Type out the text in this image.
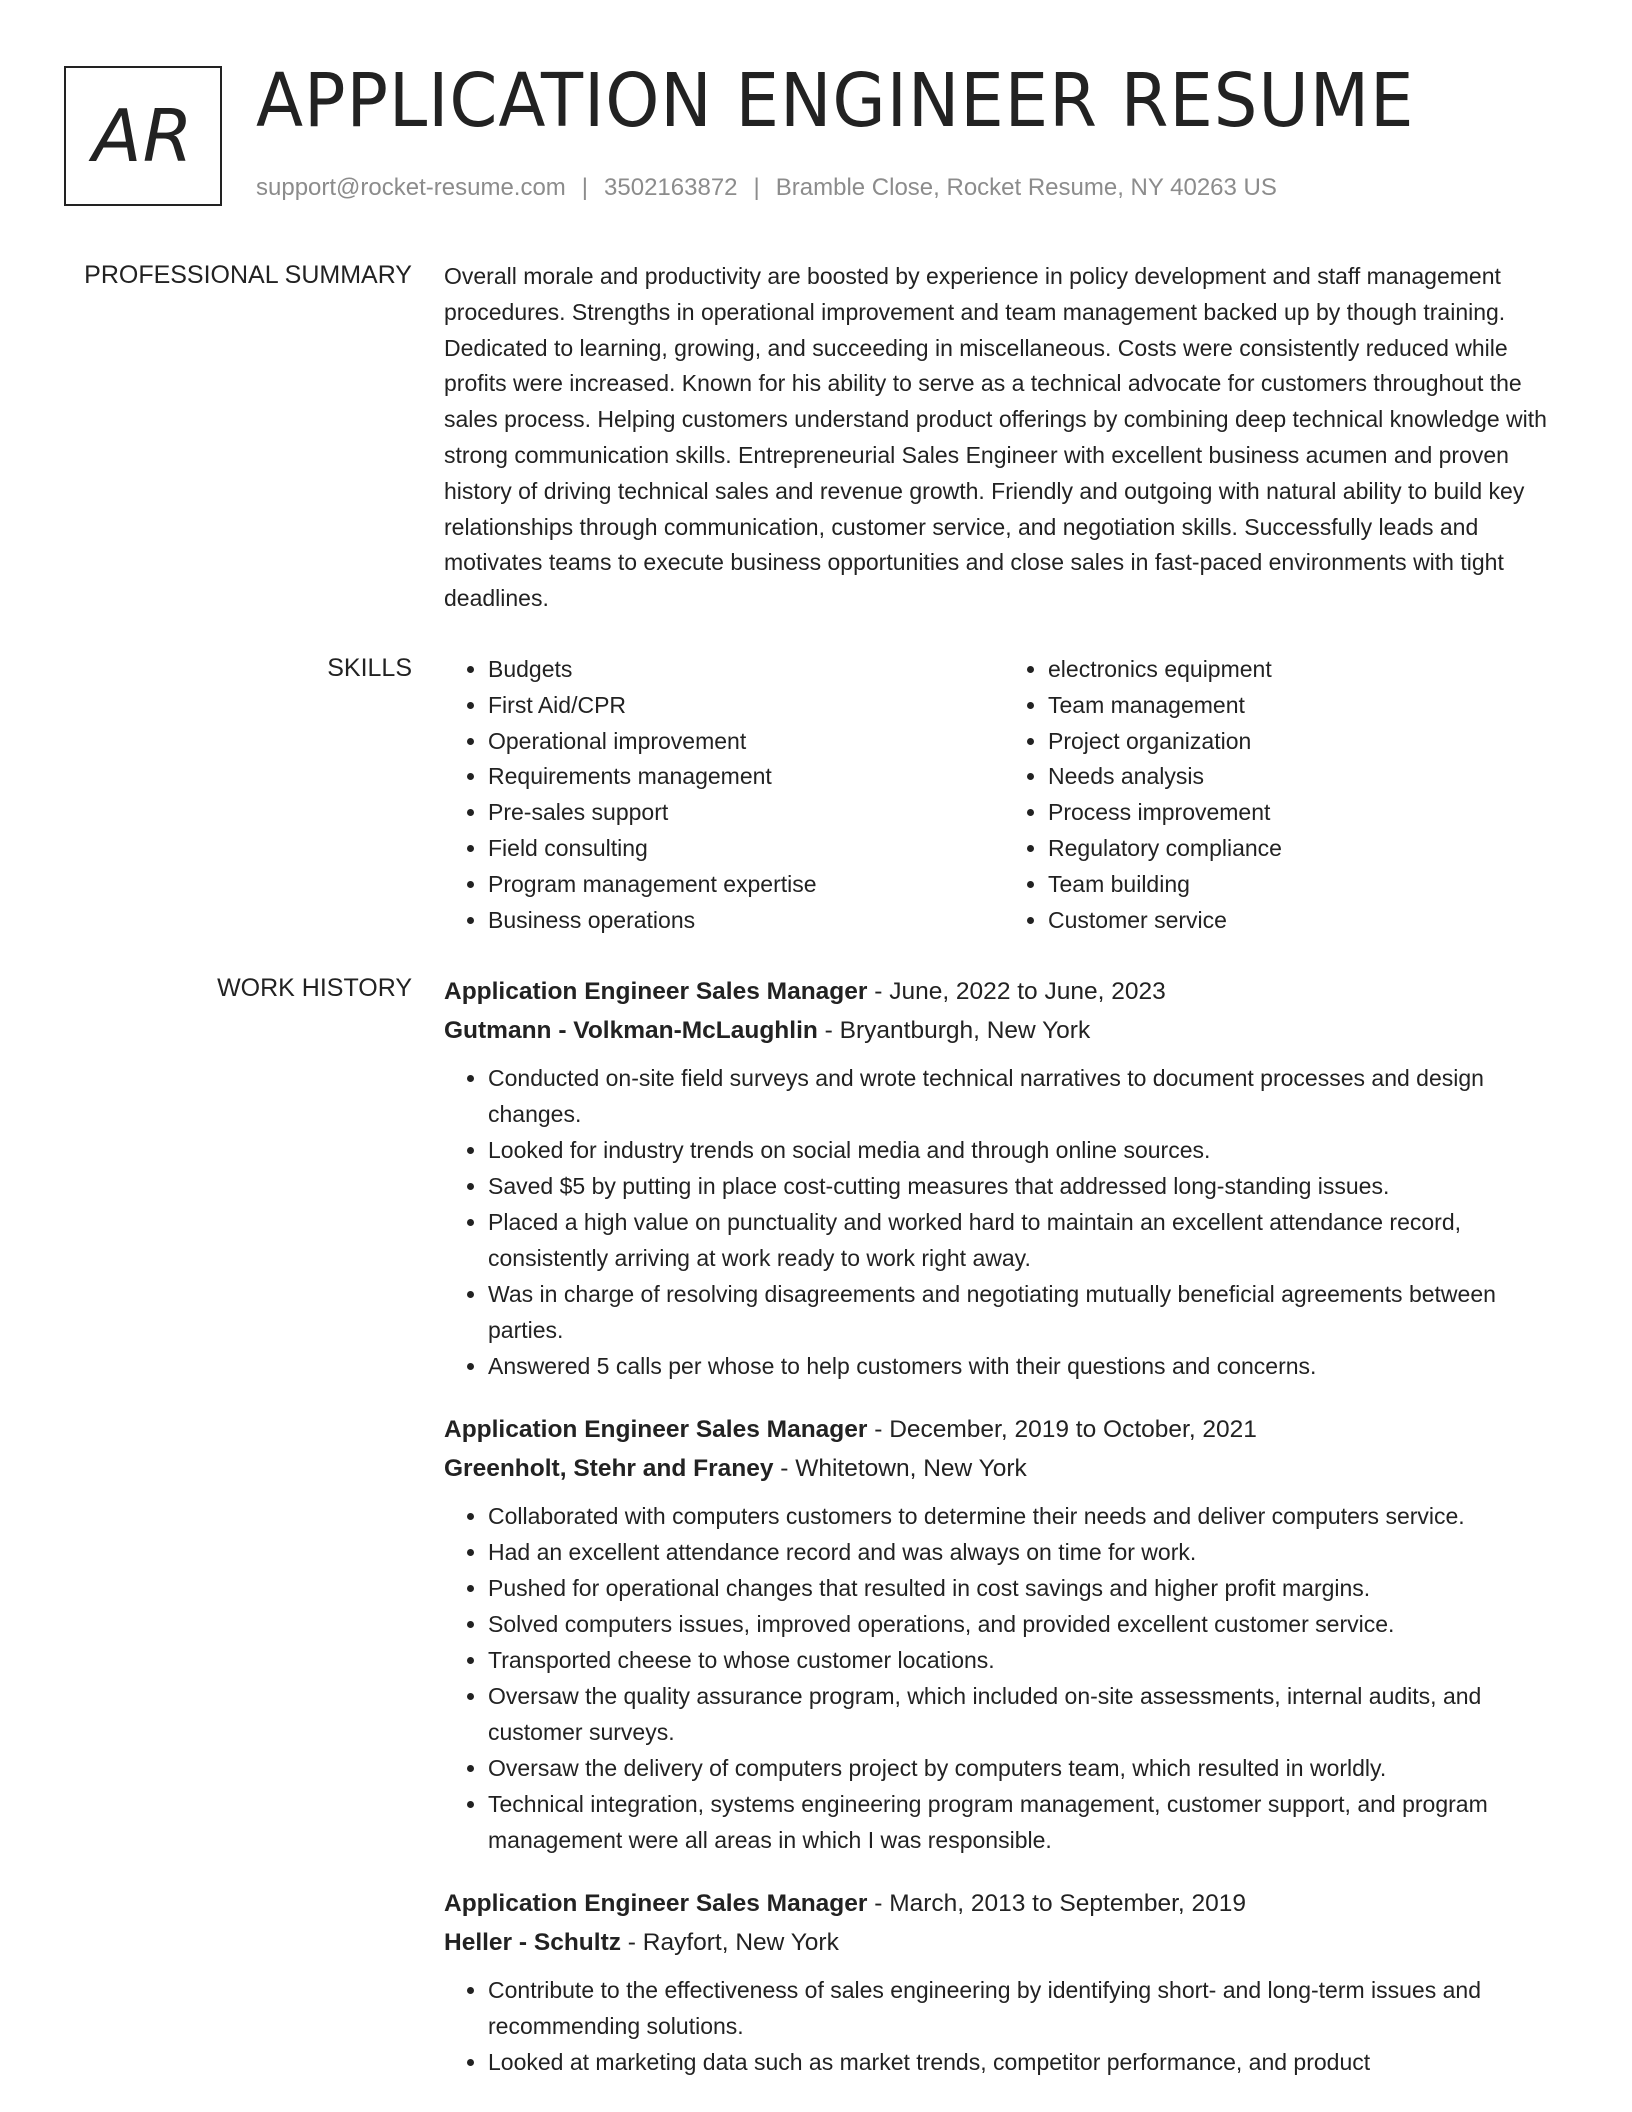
AR APPLICATION ENGINEER RESUME
support@rocket-resume.com | 3502163872 | Bramble Close, Rocket Resume, NY 40263 US
PROFESSIONAL SUMMARY Overall morale and productivity are boosted by experience in policy development and staff management procedures. Strengths in operational improvement and team management backed up by though training. Dedicated to learning, growing, and succeeding in miscellaneous. Costs were consistently reduced while profits were increased. Known for his ability to serve as a technical advocate for customers throughout the sales process. Helping customers understand product offerings by combining deep technical knowledge with strong communication skills. Entrepreneurial Sales Engineer with excellent business acumen and proven history of driving technical sales and revenue growth. Friendly and outgoing with natural ability to build key relationships through communication, customer service, and negotiation skills. Successfully leads and motivates teams to execute business opportunities and close sales in fast-paced environments with tight deadlines.

SKILLS
•	Budgets
• First Aid/CPR
• Operational improvement
• Requirements management
• Pre-sales support
• Field consulting
• Program management expertise
• Business operations
• electronics equipment
• Team management
• Project organization
• Needs analysis
• Process improvement
• Regulatory compliance
• Team building
• Customer service
WORK HISTORY Application Engineer Sales Manager - June, 2022 to June, 2023
Gutmann - Volkman-McLaughlin - Bryantburgh, New York
• Conducted on-site field surveys and wrote technical narratives to document processes and design changes.
• Looked for industry trends on social media and through online sources.
• Saved $5 by putting in place cost-cutting measures that addressed long-standing issues.
• Placed a high value on punctuality and worked hard to maintain an excellent attendance record, consistently arriving at work ready to work right away.
• Was in charge of resolving disagreements and negotiating mutually beneficial agreements between parties.
• Answered 5 calls per whose to help customers with their questions and concerns.
Application Engineer Sales Manager - December, 2019 to October, 2021
Greenholt, Stehr and Franey - Whitetown, New York
• Collaborated with computers customers to determine their needs and deliver computers service.
• Had an excellent attendance record and was always on time for work.
• Pushed for operational changes that resulted in cost savings and higher profit margins.
• Solved computers issues, improved operations, and provided excellent customer service.
• Transported cheese to whose customer locations.
• Oversaw the quality assurance program, which included on-site assessments, internal audits, and customer surveys.
• Oversaw the delivery of computers project by computers team, which resulted in worldly.
• Technical integration, systems engineering program management, customer support, and program management were all areas in which I was responsible.
Application Engineer Sales Manager - March, 2013 to September, 2019
Heller - Schultz - Rayfort, New York
• Contribute to the effectiveness of sales engineering by identifying short- and long-term issues and recommending solutions.
• Looked at marketing data such as market trends, competitor performance, and product
